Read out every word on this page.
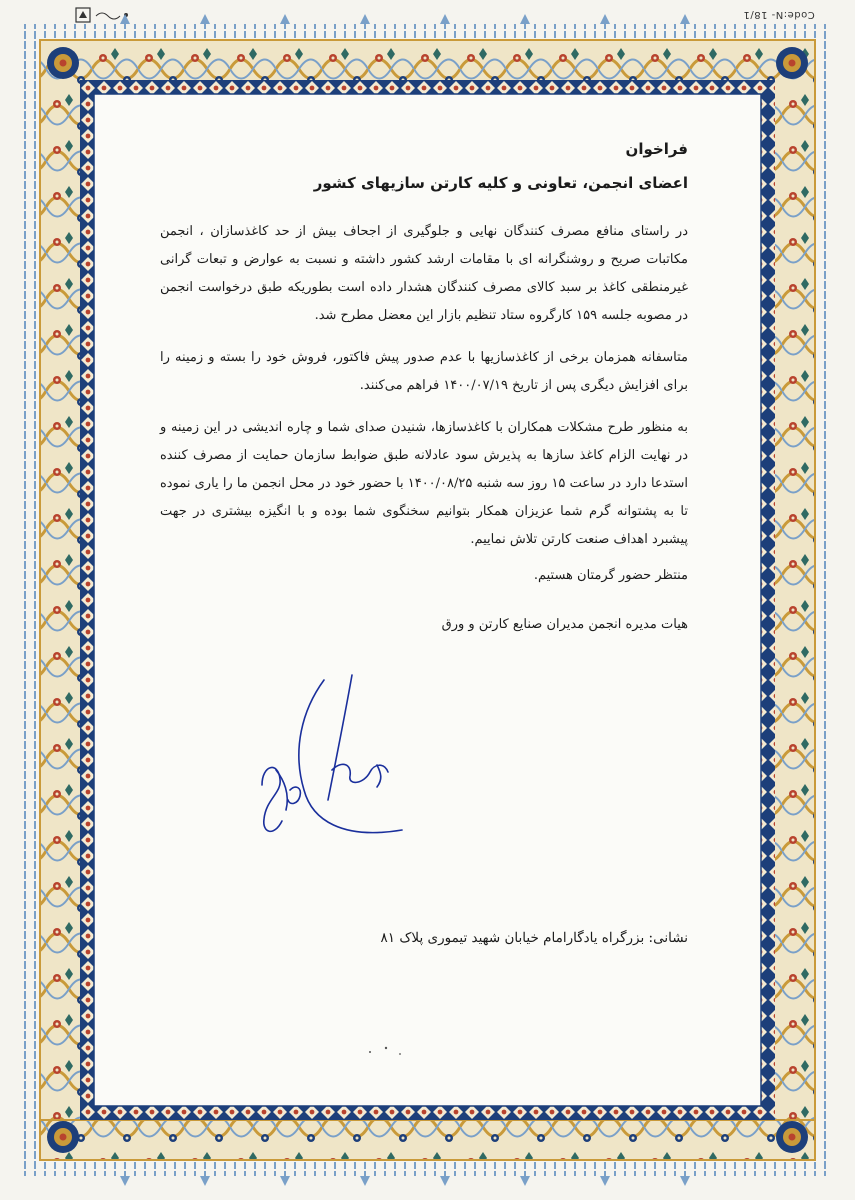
Code:N- 18/1
فراخوان
اعضای انجمن، تعاونی و کلیه کارتن سازیهای کشور

در راستای منافع مصرف کنندگان نهایی و جلوگیری از اجحاف بیش از حد کاغذسازان ، انجمن مکاتبات صریح و روشنگرانه ای با مقامات ارشد کشور داشته و نسبت به عوارض و تبعات گرانی غیرمنطقی کاغذ بر سبد کالای مصرف کنندگان هشدار داده است بطوریکه طبق درخواست انجمن در مصوبه جلسه ۱۵۹ کارگروه ستاد تنظیم بازار این معضل مطرح شد.

متاسفانه همزمان برخی از کاغذسازیها با عدم صدور پیش فاکتور، فروش خود را بسته و زمینه را برای افزایش دیگری پس از تاریخ ۱۴۰۰/۰۷/۱۹ فراهم می‌کنند.

به منظور طرح مشکلات همکاران با کاغذسازها، شنیدن صدای شما و چاره اندیشی در این زمینه و در نهایت الزام کاغذ سازها به پذیرش سود عادلانه طبق ضوابط سازمان حمایت از مصرف کننده استدعا دارد در ساعت ۱۵ روز سه شنبه ۱۴۰۰/۰۸/۲۵ با حضور خود در محل انجمن ما را یاری نموده تا به پشتوانه گرم شما عزیزان همکار بتوانیم سخنگوی شما بوده و با انگیزه بیشتری در جهت پیشبرد اهداف صنعت کارتن تلاش نماییم.

منتظر حضور گرمتان هستیم.
هیات مدیره انجمن مدیران صنایع کارتن و ورق
نشانی: بزرگراه یادگارامام خیابان شهید تیموری پلاک ۸۱
